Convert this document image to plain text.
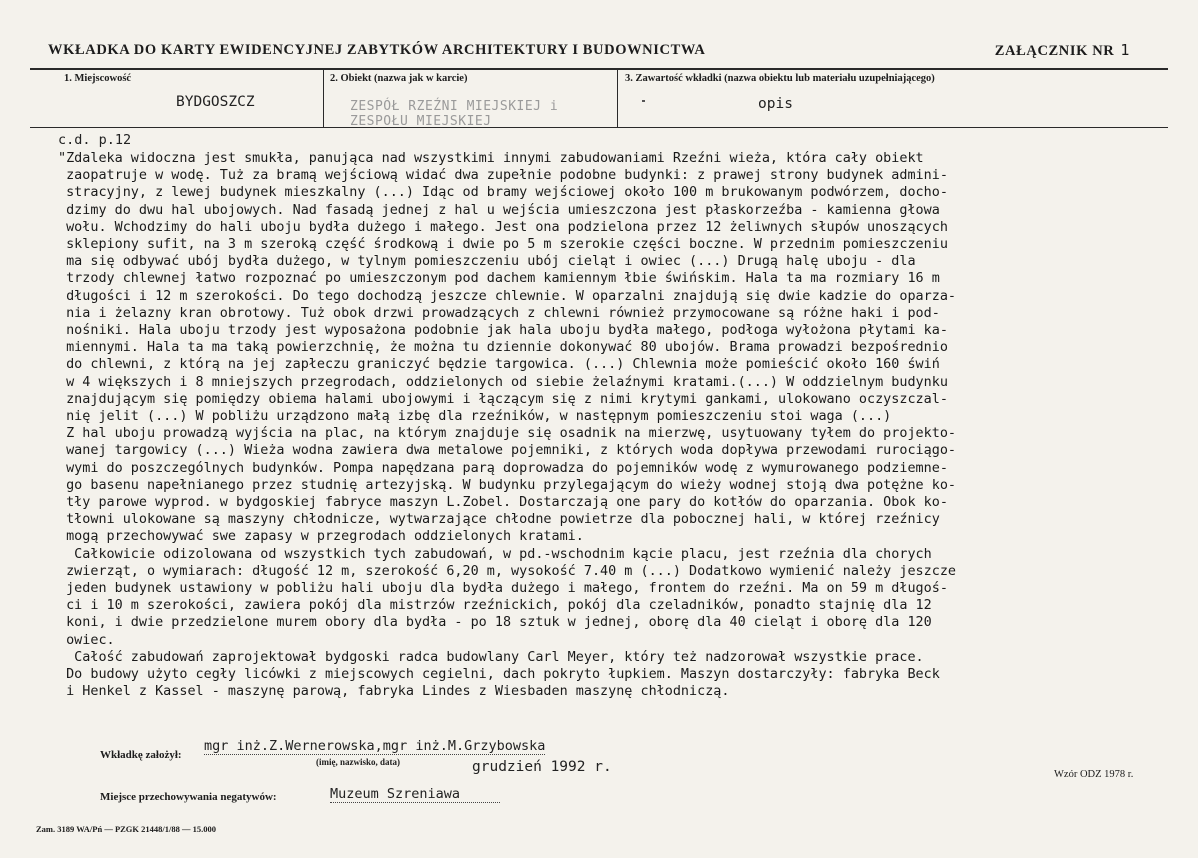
WKŁADKA DO KARTY EWIDENCYJNEJ ZABYTKÓW ARCHITEKTURY I BUDOWNICTWA	ZAŁĄCZNIK NR 1
1. Miejscowość
BYDGOSZCZ
2. Obiekt (nazwa jak w karcie)
ZESPÓŁ RZEŹNI MIEJSKIEJ i
ZESPOŁU MIEJSKIEJ
3. Zawartość wkładki (nazwa obiektu lub materiału uzupełniającego)
opis
c.d. p.12
"Zdaleka widoczna jest smukła, panująca nad wszystkimi innymi zabudowaniami Rzeźni wieża, która cały obiekt
zaopatruje w wodę. Tuż za bramą wejściową widać dwa zupełnie podobne budynki: z prawej strony budynek admini-
stracyjny, z lewej budynek mieszkalny (...) Idąc od bramy wejściowej około 100 m brukowanym podwórzem, docho-
dzimy do dwu hal ubojowych. Nad fasadą jednej z hal u wejścia umieszczona jest płaskorzeźba - kamienna głowa
wołu. Wchodzimy do hali uboju bydła dużego i małego. Jest ona podzielona przez 12 żeliwnych słupów unoszących
sklepiony sufit, na 3 m szeroką część środkową i dwie po 5 m szerokie części boczne. W przednim pomieszczeniu
ma się odbywać ubój bydła dużego, w tylnym pomieszczeniu ubój cieląt i owiec (...) Drugą halę uboju - dla
trzody chlewnej łatwo rozpoznać po umieszczonym pod dachem kamiennym łbie świńskim. Hala ta ma rozmiary 16 m
długości i 12 m szerokości. Do tego dochodzą jeszcze chlewnie. W oparzalni znajdują się dwie kadzie do oparza-
nia i żelazny kran obrotowy. Tuż obok drzwi prowadzących z chlewni również przymocowane są różne haki i pod-
nośniki. Hala uboju trzody jest wyposażona podobnie jak hala uboju bydła małego, podłoga wyłożona płytami ka-
miennymi. Hala ta ma taką powierzchnię, że można tu dziennie dokonywać 80 ubojów. Brama prowadzi bezpośrednio
do chlewni, z którą na jej zapłeczu graniczyć będzie targowica. (...) Chlewnia może pomieścić około 160 świń
w 4 większych i 8 mniejszych przegrodach, oddzielonych od siebie żelaźnymi kratami.(...) W oddzielnym budynku
znajdującym się pomiędzy obiema halami ubojowymi i łączącym się z nimi krytymi gankami, ulokowano oczyszczal-
nię jelit (...) W pobliżu urządzono małą izbę dla rzeźników, w następnym pomieszczeniu stoi waga (...)
Z hal uboju prowadzą wyjścia na plac, na którym znajduje się osadnik na mierzwę, usytuowany tyłem do projekto-
wanej targowicy (...) Wieża wodna zawiera dwa metalowe pojemniki, z których woda dopływa przewodami rurociągo-
wymi do poszczególnych budynków. Pompa napędzana parą doprowadza do pojemników wodę z wymurowanego podziemne-
go basenu napełnianego przez studnię artezyjską. W budynku przylegającym do wieży wodnej stoją dwa potężne ko-
tły parowe wyprod. w bydgoskiej fabryce maszyn L.Zobel. Dostarczają one pary do kotłów do oparzania. Obok ko-
tłowni ulokowane są maszyny chłodnicze, wytwarzające chłodne powietrze dla pobocznej hali, w której rzeźnicy
mogą przechowywać swe zapasy w przegrodach oddzielonych kratami.
Całkowicie odizolowana od wszystkich tych zabudowań, w pd.-wschodnim kącie placu, jest rzeźnia dla chorych
zwierząt, o wymiarach: długość 12 m, szerokość 6,20 m, wysokość 7.40 m (...) Dodatkowo wymienić należy jeszcze
jeden budynek ustawiony w pobliżu hali uboju dla bydła dużego i małego, frontem do rzeźni. Ma on 59 m długoś-
ci i 10 m szerokości, zawiera pokój dla mistrzów rzeźnickich, pokój dla czeladników, ponadto stajnię dla 12
koni, i dwie przedzielone murem obory dla bydła - po 18 sztuk w jednej, oborę dla 40 cieląt i oborę dla 120
owiec.
Całość zabudowań zaprojektował bydgoski radca budowlany Carl Meyer, który też nadzorował wszystkie prace.
Do budowy użyto cegły licówki z miejscowych cegielni, dach pokryto łupkiem. Maszyn dostarczyły: fabryka Beck
i Henkel z Kassel - maszynę parową, fabryka Lindes z Wiesbaden maszynę chłodniczą.
Wkładkę założył:
mgr inż.Z.Wernerowska,mgr inż.M.Grzybowska
(imię, nazwisko, data)	grudzień 1992 r.	Wzór ODZ 1978 r.
Miejsce przechowywania negatywów:	Muzeum Szreniawa
Zam. 3189 WA/Pń — PZGK 21448/1/88 — 15.000
